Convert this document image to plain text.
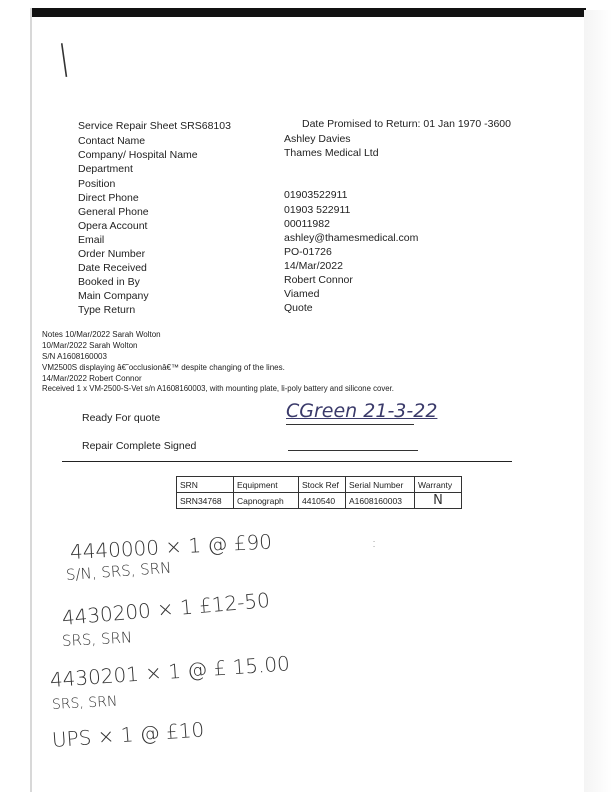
|
Service Repair Sheet SRS68103	Date Promised to Return: 01 Jan 1970 -3600
Contact Name	Ashley Davies
Company/ Hospital Name	Thames Medical Ltd
Department
Position
Direct Phone	01903522911
General Phone	01903 522911
Opera Account	00011982
Email	ashley@thamesmedical.com
Order Number	PO-01726
Date Received	14/Mar/2022
Booked in By	Robert Connor
Main Company	Viamed
Type Return	Quote
Notes 10/Mar/2022 Sarah Wolton
10/Mar/2022 Sarah Wolton
S/N A1608160003
VM2500S displaying â€˜occlusionâ€™ despite changing of the lines.
14/Mar/2022 Robert Connor
Received 1 x VM-2500-S-Vet s/n A1608160003, with mounting plate, li-poly battery and silicone cover.
Ready For quote	CGreen 21-3-22
Repair Complete Signed
SRN	Equipment	Stock Ref	Serial Number	Warranty
SRN34768	Capnograph	4410540	A1608160003	N
4440000 × 1 @ £90	:
S/N, SRS, SRN
4430200 × 1 £12-50
SRS, SRN
4430201 × 1 @ £ 15.00
SRS, SRN
UPS × 1 @ £10
